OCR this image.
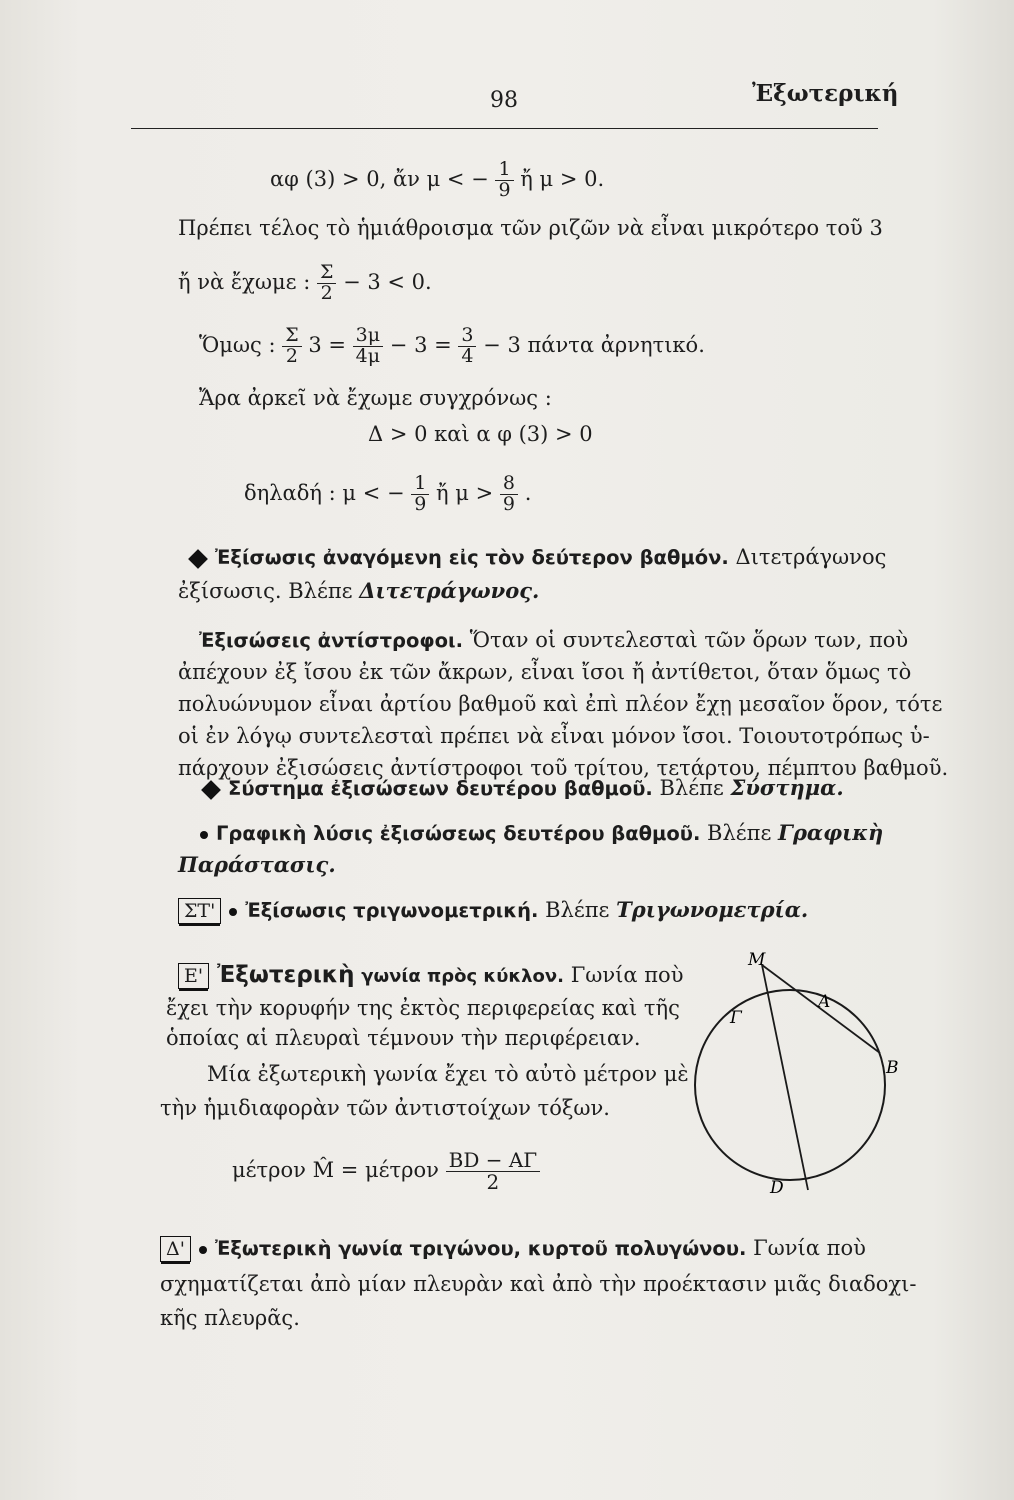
98	Ἐξωτερική
αφ (3) > 0, ἄν μ < − $\frac{1}{9}$ ἤ μ > 0.
Πρέπει τέλος τὸ ἡμιάθροισμα τῶν ριζῶν νὰ εἶναι μικρότερο τοῦ 3
ἤ νὰ ἔχωμε : $\frac{\Sigma}{2} - 3 < 0$.
Ὅμως : $\frac{\Sigma}{2} 3 = \frac{3\mu}{4\mu} - 3 = \frac{3}{4} - 3$ πάντα ἀρνητικό.
Ἄρα ἀρκεῖ νὰ ἔχωμε συγχρόνως :
Δ > 0 καὶ α φ (3) > 0
δηλαδή : μ < − $\frac{1}{9}$ ἤ $\mu > \frac{8}{9}$ .
Ἐξίσωσις ἀναγόμενη εἰς τὸν δεύτερον βαθμόν. Διτετράγωνος
ἐξίσωσις. Βλέπε Διτετράγωνος.
Ἐξισώσεις ἀντίστροφοι. Ὅταν οἱ συντελεσταὶ τῶν ὅρων των, ποὺ
ἀπέχουν ἐξ ἴσου ἐκ τῶν ἄκρων, εἶναι ἴσοι ἤ ἀντίθετοι, ὅταν ὅμως τὸ
πολυώνυμον εἶναι ἀρτίου βαθμοῦ καὶ ἐπὶ πλέον ἔχῃ μεσαῖον ὅρον, τότε
οἱ ἐν λόγῳ συντελεσταὶ πρέπει νὰ εἶναι μόνον ἴσοι. Τοιουτοτρόπως ὑ-
πάρχουν ἐξισώσεις ἀντίστροφοι τοῦ τρίτου, τετάρτου, πέμπτου βαθμοῦ.
Σύστημα ἐξισώσεων δευτέρου βαθμοῦ. Βλέπε Σύστημα.
Γραφικὴ λύσις ἐξισώσεως δευτέρου βαθμοῦ. Βλέπε Γραφικὴ
Παράστασις.
ΣΤ' Ἐξίσωσις τριγωνομετρική. Βλέπε Τριγωνομετρία.
Ε' Ἐξωτερικὴ γωνία πρὸς κύκλον. Γωνία ποὺ
ἔχει τὴν κορυφήν της ἐκτὸς περιφερείας καὶ τῆς
ὁποίας αἱ πλευραὶ τέμνουν τὴν περιφέρειαν.
Μία ἐξωτερικὴ γωνία ἔχει τὸ αὐτὸ μέτρον μὲ
τὴν ἡμιδιαφορὰν τῶν ἀντιστοίχων τόξων.
μέτρον M̂ = μέτρον $\frac{BD - A\Gamma}{2}$
M
A
Γ
B
D
Δ' Ἐξωτερικὴ γωνία τριγώνου, κυρτοῦ πολυγώνου. Γωνία ποὺ
σχηματίζεται ἀπὸ μίαν πλευρὰν καὶ ἀπὸ τὴν προέκτασιν μιᾶς διαδοχι-
κῆς πλευρᾶς.
